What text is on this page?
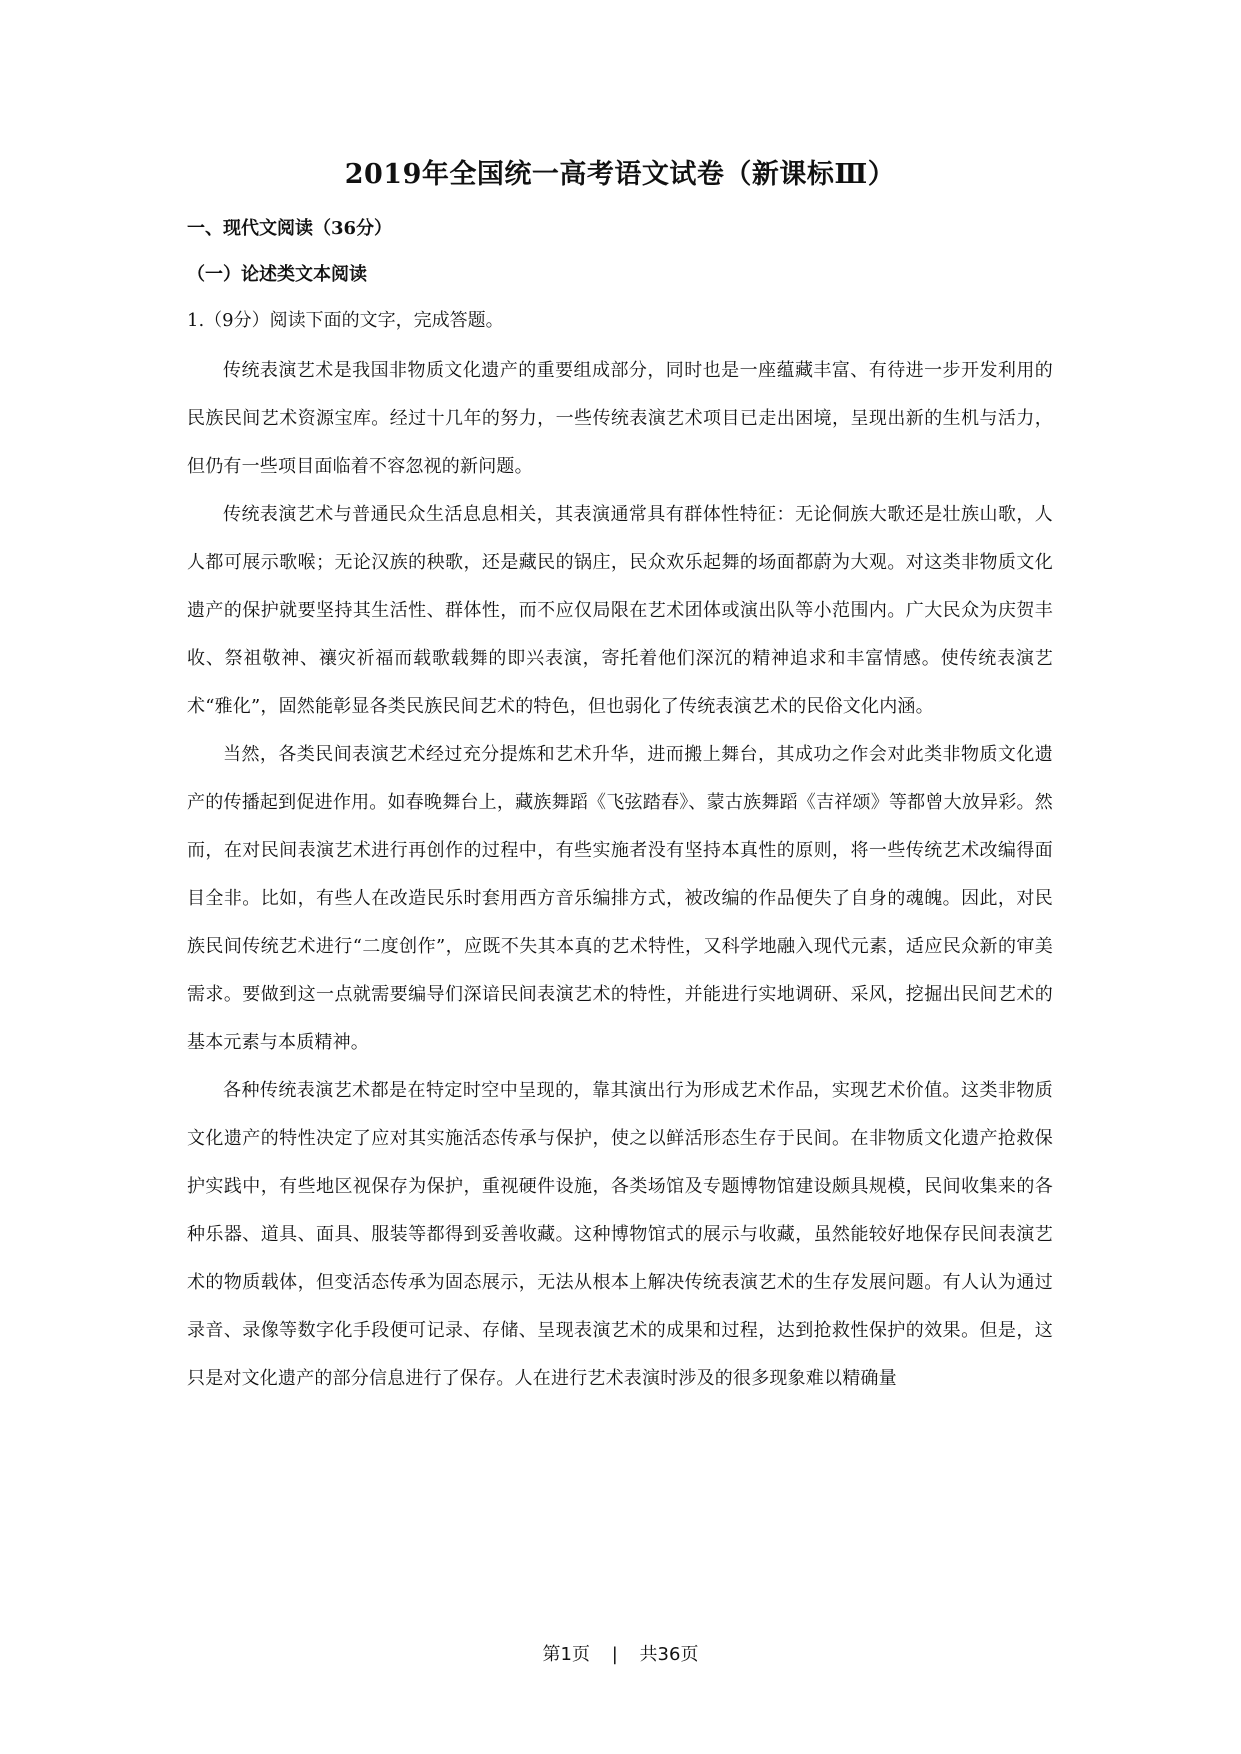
2019年全国统一高考语文试卷（新课标Ⅲ）
一、现代文阅读（36分）
（一）论述类文本阅读
1.（9分）阅读下面的文字，完成答题。

传统表演艺术是我国非物质文化遗产的重要组成部分，同时也是一座蕴藏丰富、有待进一步开发利用的民族民间艺术资源宝库。经过十几年的努力，一些传统表演艺术项目已走出困境，呈现出新的生机与活力，但仍有一些项目面临着不容忽视的新问题。

传统表演艺术与普通民众生活息息相关，其表演通常具有群体性特征：无论侗族大歌还是壮族山歌，人人都可展示歌喉；无论汉族的秧歌，还是藏民的锅庄，民众欢乐起舞的场面都蔚为大观。对这类非物质文化遗产的保护就要坚持其生活性、群体性，而不应仅局限在艺术团体或演出队等小范围内。广大民众为庆贺丰收、祭祖敬神、禳灾祈福而载歌载舞的即兴表演，寄托着他们深沉的精神追求和丰富情感。使传统表演艺术“雅化”，固然能彰显各类民族民间艺术的特色，但也弱化了传统表演艺术的民俗文化内涵。

当然，各类民间表演艺术经过充分提炼和艺术升华，进而搬上舞台，其成功之作会对此类非物质文化遗产的传播起到促进作用。如春晚舞台上，藏族舞蹈《飞弦踏春》、蒙古族舞蹈《吉祥颂》等都曾大放异彩。然而，在对民间表演艺术进行再创作的过程中，有些实施者没有坚持本真性的原则，将一些传统艺术改编得面目全非。比如，有些人在改造民乐时套用西方音乐编排方式，被改编的作品便失了自身的魂魄。因此，对民族民间传统艺术进行“二度创作”，应既不失其本真的艺术特性，又科学地融入现代元素，适应民众新的审美需求。要做到这一点就需要编导们深谙民间表演艺术的特性，并能进行实地调研、采风，挖掘出民间艺术的基本元素与本质精神。

各种传统表演艺术都是在特定时空中呈现的，靠其演出行为形成艺术作品，实现艺术价值。这类非物质文化遗产的特性决定了应对其实施活态传承与保护，使之以鲜活形态生存于民间。在非物质文化遗产抢救保护实践中，有些地区视保存为保护，重视硬件设施，各类场馆及专题博物馆建设颇具规模，民间收集来的各种乐器、道具、面具、服装等都得到妥善收藏。这种博物馆式的展示与收藏，虽然能较好地保存民间表演艺术的物质载体，但变活态传承为固态展示，无法从根本上解决传统表演艺术的生存发展问题。有人认为通过录音、录像等数字化手段便可记录、存储、呈现表演艺术的成果和过程，达到抢救性保护的效果。但是，这只是对文化遗产的部分信息进行了保存。人在进行艺术表演时涉及的很多现象难以精确量

第1页 | 共36页
